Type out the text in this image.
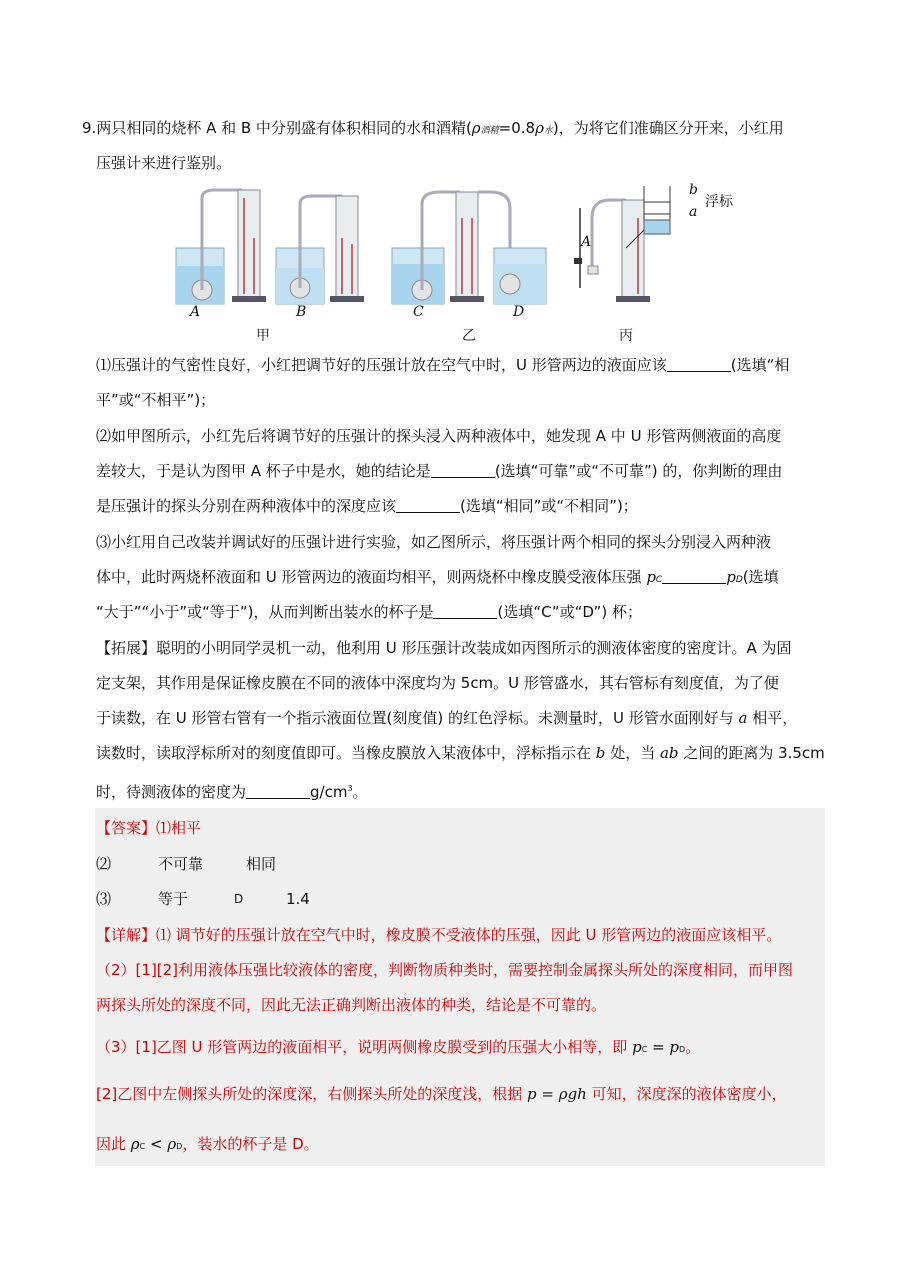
9.两只相同的烧杯 A 和 B 中分别盛有体积相同的水和酒精(ρ酒精=0.8ρ水)，为将它们准确区分开来，小红用
压强计来进行鉴别。
A	B	C	D
A
b
a
浮标
甲	乙	丙
⑴压强计的气密性良好，小红把调节好的压强计放在空气中时，U 形管两边的液面应该	(选填“相
平”或“不相平”)；
⑵如甲图所示，小红先后将调节好的压强计的探头浸入两种液体中，她发现 A 中 U 形管两侧液面的高度
差较大，于是认为图甲 A 杯子中是水，她的结论是	(选填“可靠”或“不可靠”) 的，你判断的理由
是压强计的探头分别在两种液体中的深度应该	(选填“相同”或“不相同”)；
⑶小红用自己改装并调试好的压强计进行实验，如乙图所示，将压强计两个相同的探头分别浸入两种液
体中，此时两烧杯液面和 U 形管两边的液面均相平，则两烧杯中橡皮膜受液体压强 pC	pD(选填
“大于”“小于”或“等于”)，从而判断出装水的杯子是	(选填“C”或“D”) 杯；
【拓展】聪明的小明同学灵机一动，他利用 U 形压强计改装成如丙图所示的测液体密度的密度计。A 为固
定支架，其作用是保证橡皮膜在不同的液体中深度均为 5cm。U 形管盛水，其右管标有刻度值，为了便
于读数，在 U 形管右管有一个指示液面位置(刻度值) 的红色浮标。未测量时，U 形管水面刚好与 a 相平，
读数时，读取浮标所对的刻度值即可。当橡皮膜放入某液体中，浮标指示在 b 处，当 ab 之间的距离为 3.5cm
时，待测液体的密度为	$g/cm^3$。
【答案】⑴相平
⑵	不可靠	相同
⑶	等于	D	1.4
【详解】⑴ 调节好的压强计放在空气中时，橡皮膜不受液体的压强，因此 U 形管两边的液面应该相平。
（2）[1][2]利用液体压强比较液体的密度，判断物质种类时，需要控制金属探头所处的深度相同，而甲图
两探头所处的深度不同，因此无法正确判断出液体的种类，结论是不可靠的。
（3）[1]乙图 U 形管两边的液面相平，说明两侧橡皮膜受到的压强大小相等，即 pC = pD。
[2]乙图中左侧探头所处的深度深，右侧探头所处的深度浅，根据 p = ρgh 可知，深度深的液体密度小，
因此 ρC < ρD，装水的杯子是 D。
